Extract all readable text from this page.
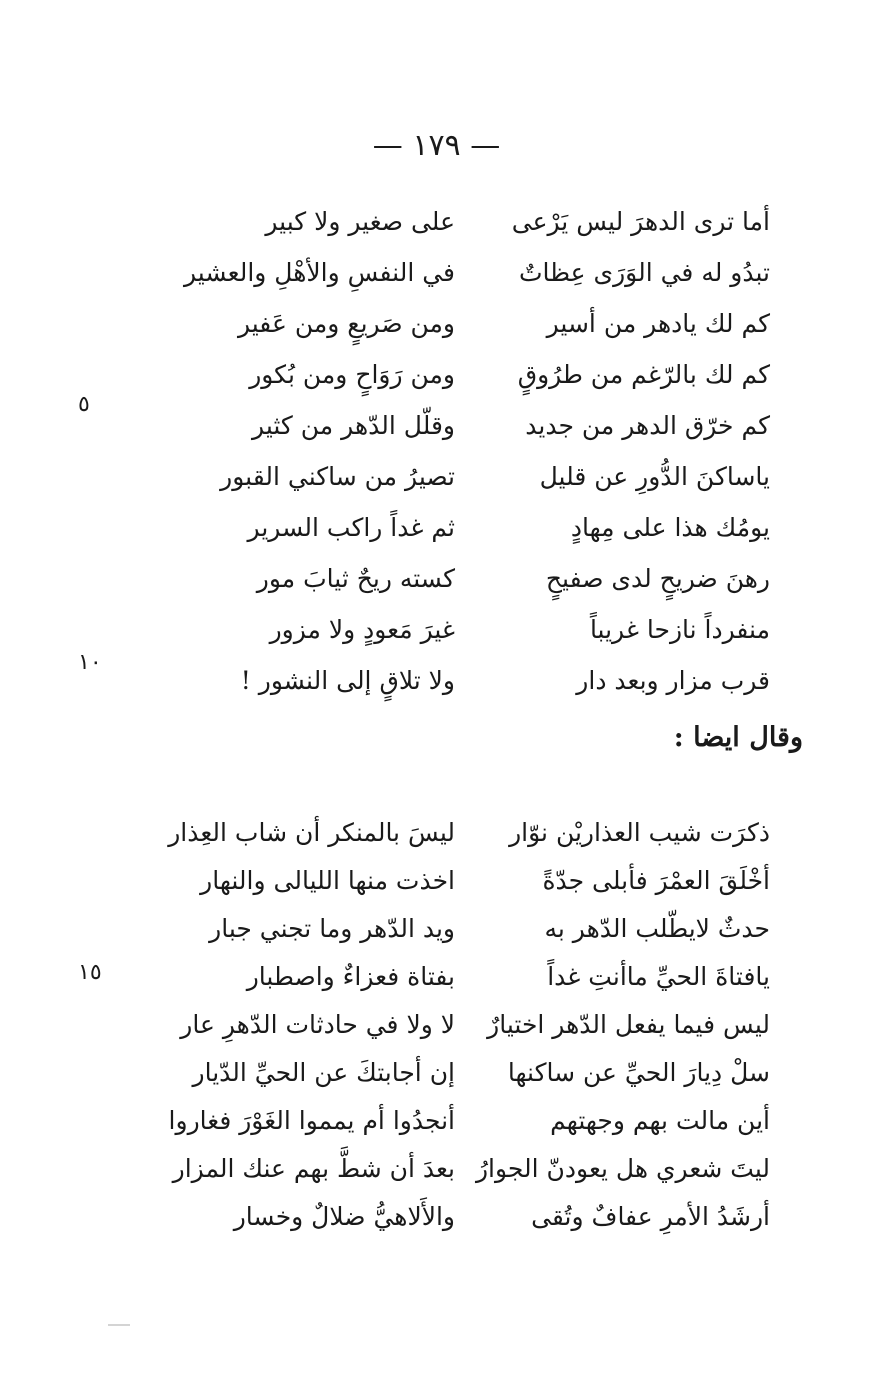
— ١٧٩ —
٥
١٠
١٥
أما ترى الدهرَ ليس يَرْعى
على صغير ولا كبير
تبدُو له في الوَرَى عِظاتٌ
في النفسِ والأهْلِ والعشير
كم لك يادهر من أسير
ومن صَريعٍ ومن عَفير
كم لك بالرّغم من طرُوقٍ
ومن رَوَاحٍ ومن بُكور
كم خرّق الدهر من جديد
وقلّل الدّهر من كثير
ياساكنَ الدُّورِ عن قليل
تصيرُ من ساكني القبور
يومُك هذا على مِهادٍ
ثم غداً راكب السرير
رهنَ ضريحٍ لدى صفيحٍ
كسته ريحٌ ثيابَ مور
منفرداً نازحا غريباً
غيرَ مَعودٍ ولا مزور
قرب مزار وبعد دار
ولا تلاقٍ إلى النشور !
وقال ايضا :
ذكرَت شيب العذاريْن نوّار
ليسَ بالمنكر أن شاب العِذار
أخْلَقَ العمْرَ فأبلى جدّةً
اخذت منها الليالى والنهار
حدثٌ لايطّلب الدّهر به
ويد الدّهر وما تجني جبار
يافتاةَ الحيِّ ماأنتِ غداً
بفتاة فعزاءٌ واصطبار
ليس فيما يفعل الدّهر اختيارٌ
لا ولا في حادثات الدّهرِ عار
سلْ دِيارَ الحيِّ عن ساكنها
إن أجابتكَ عن الحيِّ الدّيار
أين مالت بهم وجهتهم
أنجدُوا أم يمموا الغَوْرَ فغاروا
ليتَ شعري هل يعودنّ الجوارُ
بعدَ أن شطَّ بهم عنك المزار
أرشَدُ الأمرِ عفافٌ وتُقى
والأَلاهيُّ ضلالٌ وخسار
